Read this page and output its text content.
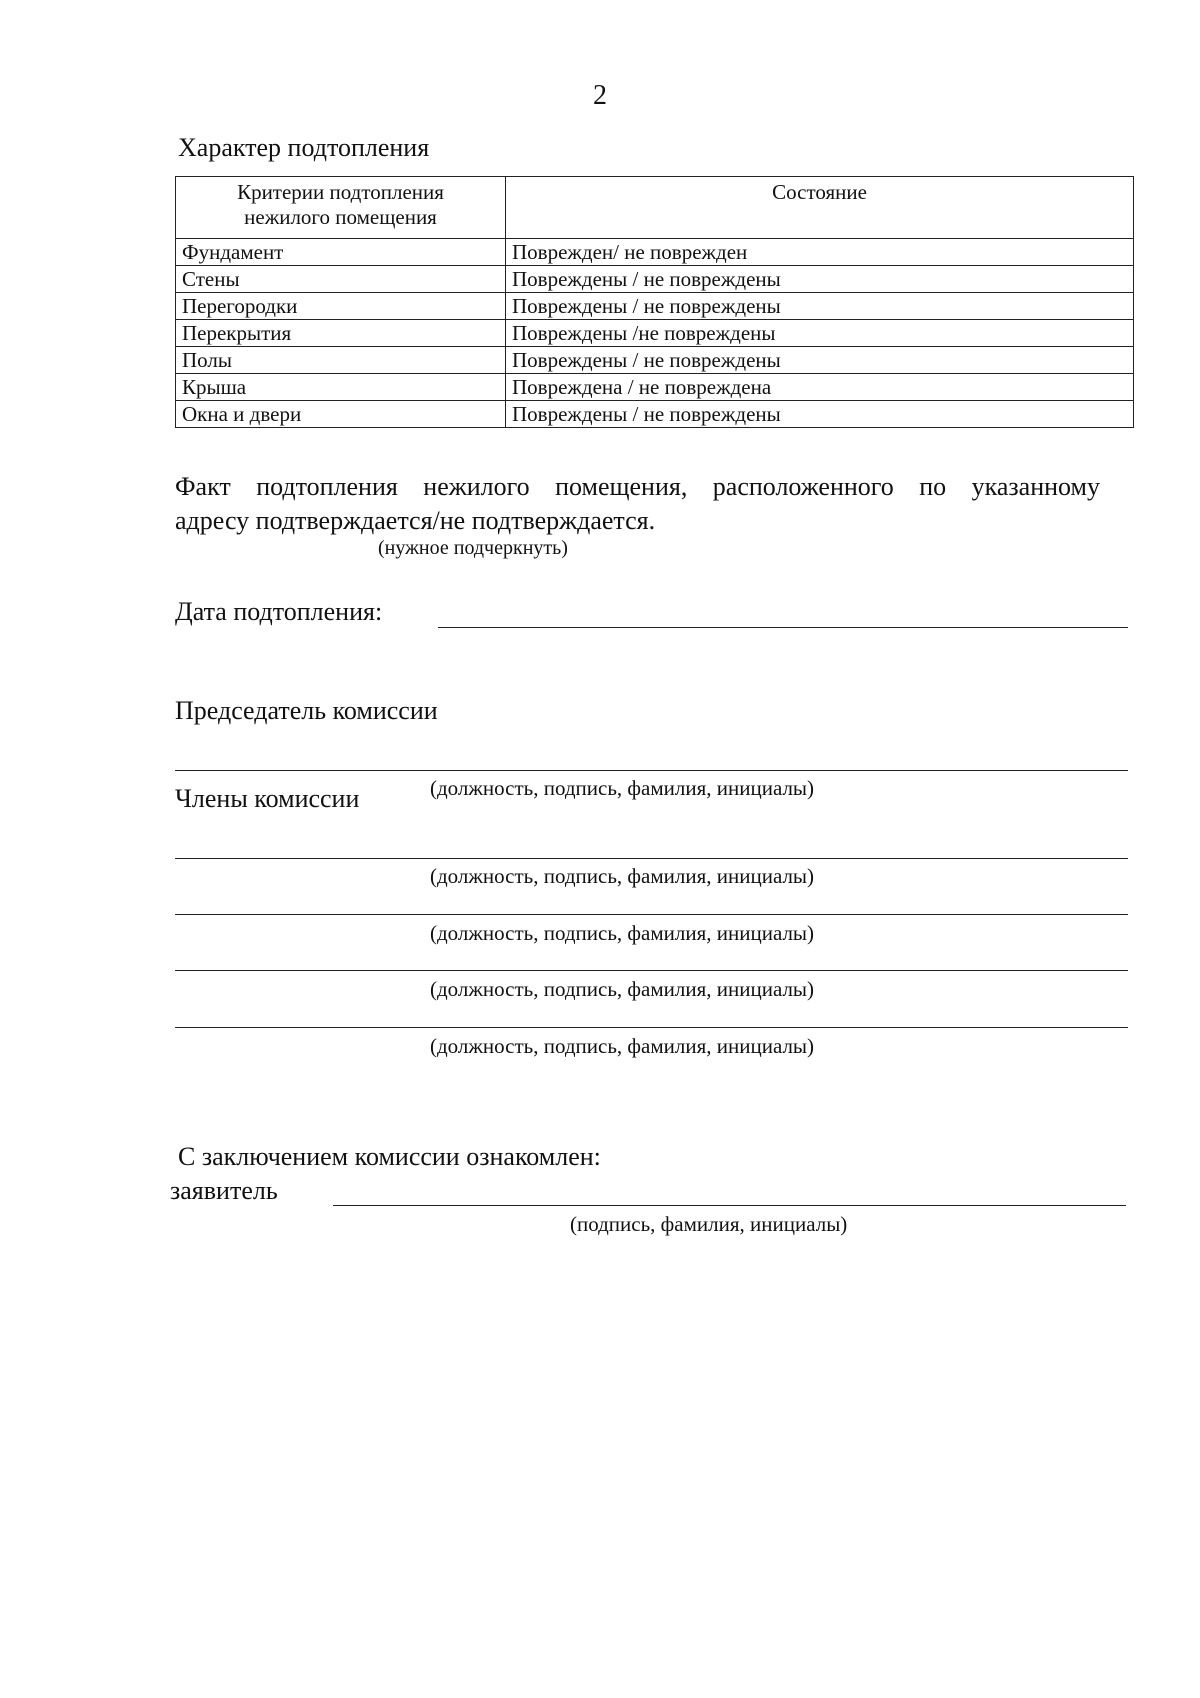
2
Характер подтопления
Критерии подтопления
нежилого помещения	Состояние
Фундамент	Поврежден/ не поврежден
Стены	Повреждены / не повреждены
Перегородки	Повреждены / не повреждены
Перекрытия	Повреждены /не повреждены
Полы	Повреждены / не повреждены
Крыша	Повреждена / не повреждена
Окна и двери	Повреждены / не повреждены
Факт подтопления нежилого помещения, расположенного по указанному
адресу подтверждается/не подтверждается.
(нужное подчеркнуть)
Дата подтопления:
Председатель комиссии
(должность, подпись, фамилия, инициалы)
Члены комиссии
(должность, подпись, фамилия, инициалы)
(должность, подпись, фамилия, инициалы)
(должность, подпись, фамилия, инициалы)
(должность, подпись, фамилия, инициалы)
С заключением комиссии ознакомлен:
заявитель
(подпись, фамилия, инициалы)
